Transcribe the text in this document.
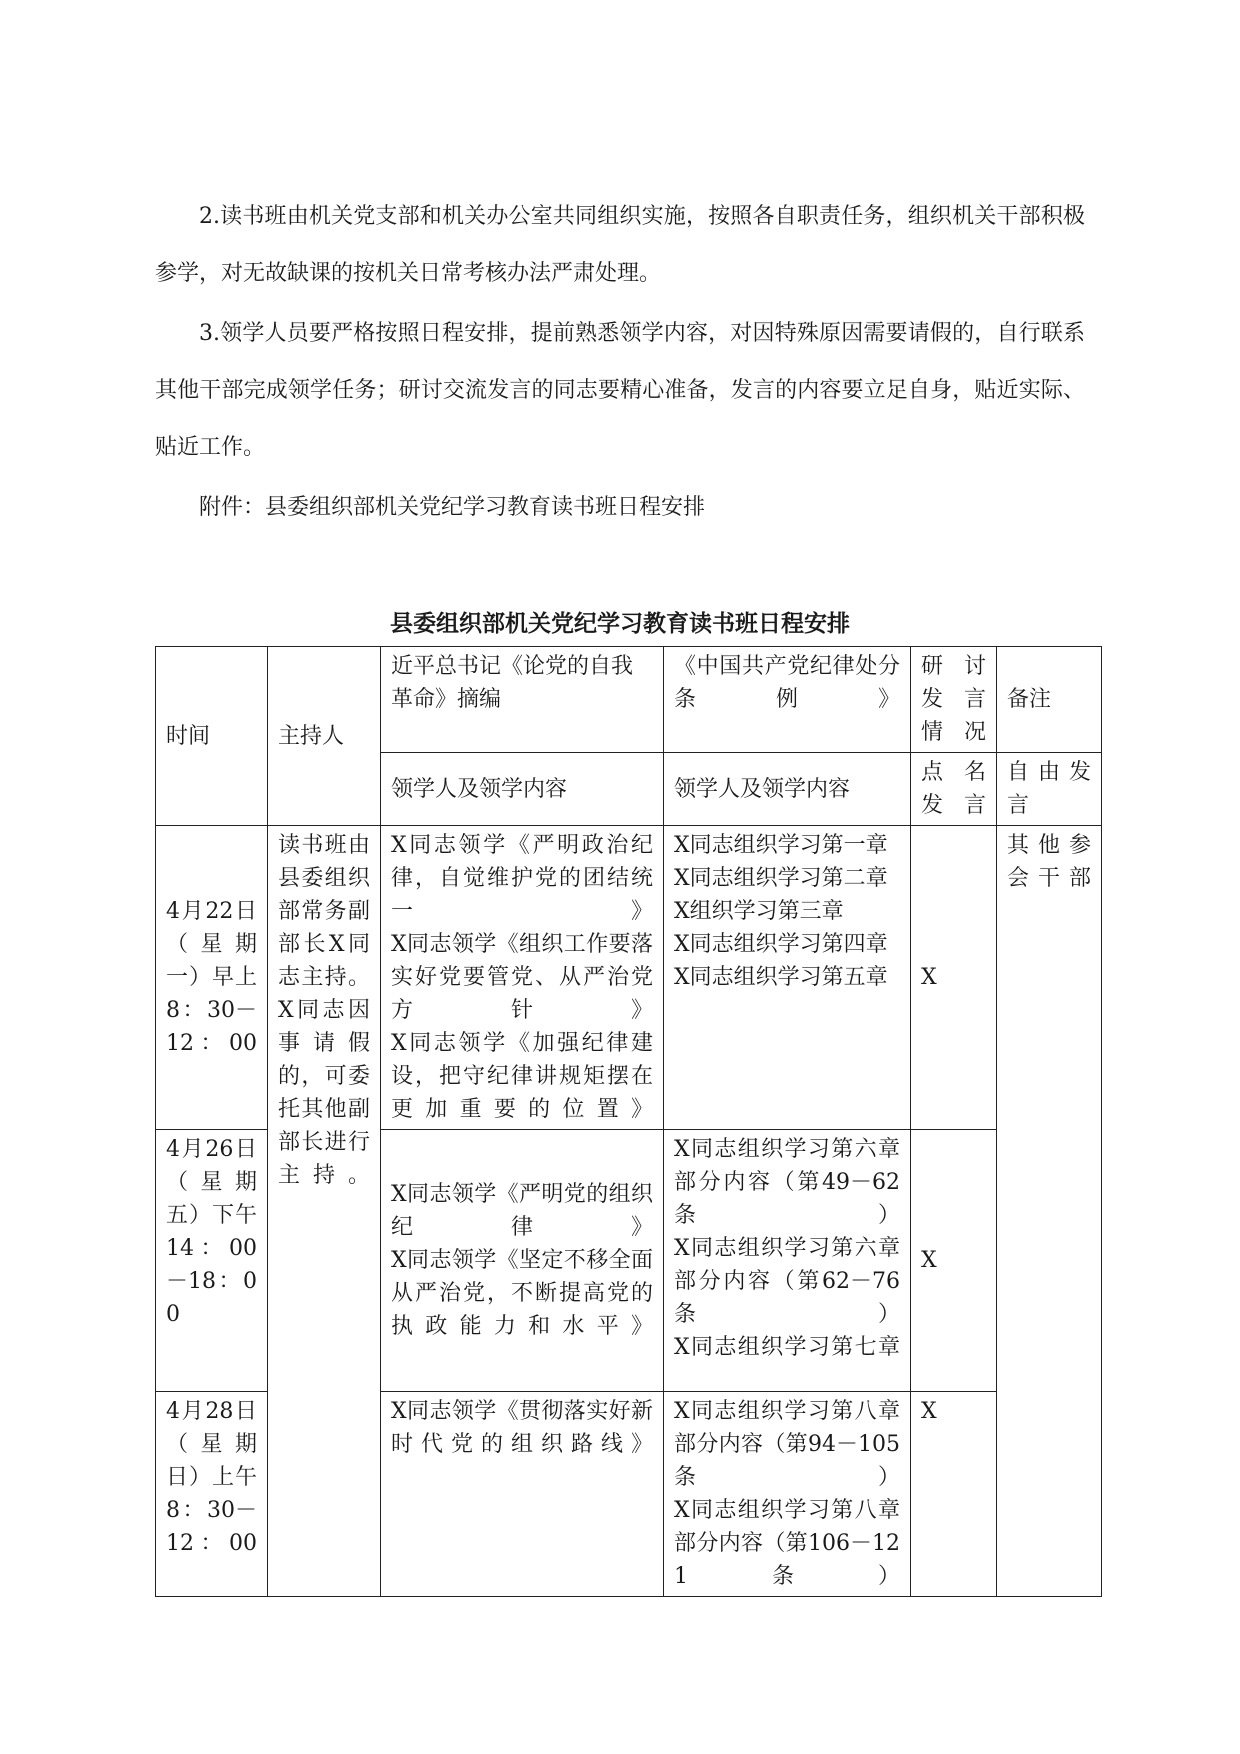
2.读书班由机关党支部和机关办公室共同组织实施，按照各自职责任务，组织机关干部积极参学，对无故缺课的按机关日常考核办法严肃处理。

3.领学人员要严格按照日程安排，提前熟悉领学内容，对因特殊原因需要请假的，自行联系其他干部完成领学任务；研讨交流发言的同志要精心准备，发言的内容要立足自身，贴近实际、贴近工作。

附件：县委组织部机关党纪学习教育读书班日程安排

县委组织部机关党纪学习教育读书班日程安排

时间	主持人	近平总书记《论党的自我革命》摘编	《中国共产党纪律处分条例》	研讨发言情况	备注
		领学人及领学内容	领学人及领学内容	点名发言	自由发言
4月22日（星期一）早上8：30－12：00	读书班由县委组织部常务副部长X同志主持。X同志因事请假的，可委托其他副部长进行主持。	X同志领学《严明政治纪律，自觉维护党的团结统一》
X同志领学《组织工作要落实好党要管党、从严治党方针》
X同志领学《加强纪律建设，把守纪律讲规矩摆在更加重要的位置》	X同志组织学习第一章
X同志组织学习第二章
X组织学习第三章
X同志组织学习第四章
X同志组织学习第五章	X	其他参会干部
4月26日（星期五）下午14：00－18：00		X同志领学《严明党的组织纪律》
X同志领学《坚定不移全面从严治党，不断提高党的执政能力和水平》	X同志组织学习第六章部分内容（第49－62条）
X同志组织学习第六章部分内容（第62－76条）
X同志组织学习第七章	X	
4月28日（星期日）上午8：30－12：00		X同志领学《贯彻落实好新时代党的组织路线》	X同志组织学习第八章部分内容（第94－105条）
X同志组织学习第八章部分内容（第106－121条）	X	
